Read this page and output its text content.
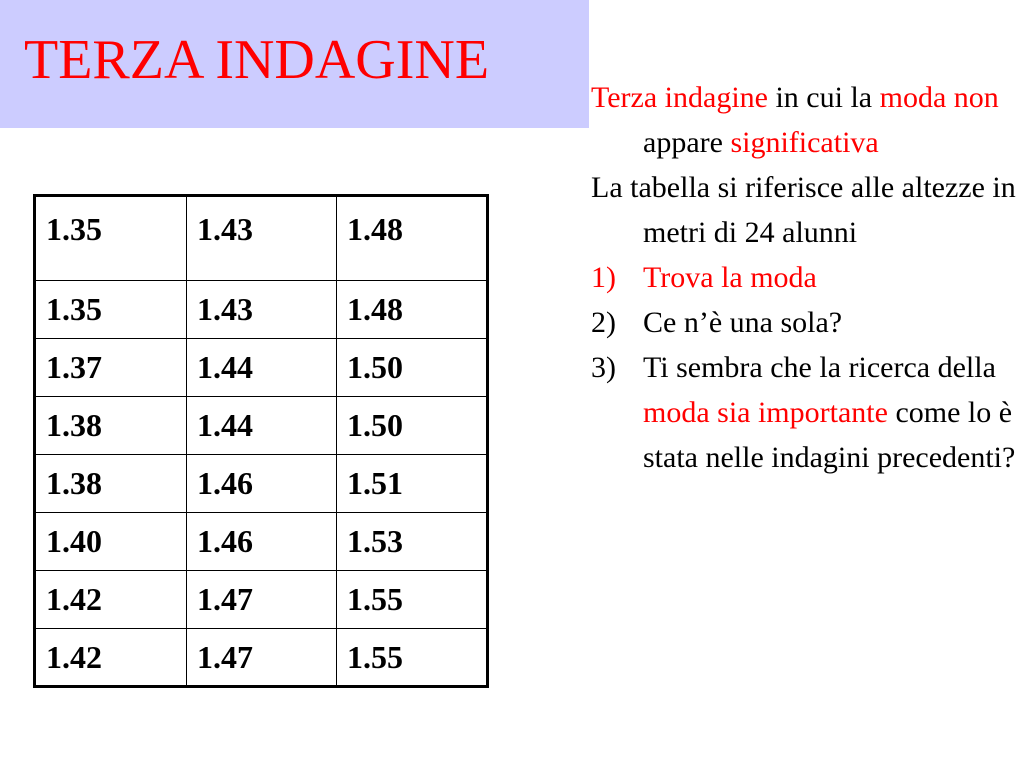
TERZA INDAGINE
1.35	1.43	1.48
1.35	1.43	1.48
1.37	1.44	1.50
1.38	1.44	1.50
1.38	1.46	1.51
1.40	1.46	1.53
1.42	1.47	1.55
1.42	1.47	1.55

Terza indagine in cui la moda non appare significativa

La tabella si riferisce alle altezze in metri di 24 alunni

1) Trova la moda
2) Ce n’è una sola?
3) Ti sembra che la ricerca della moda sia importante come lo è stata nelle indagini precedenti?
